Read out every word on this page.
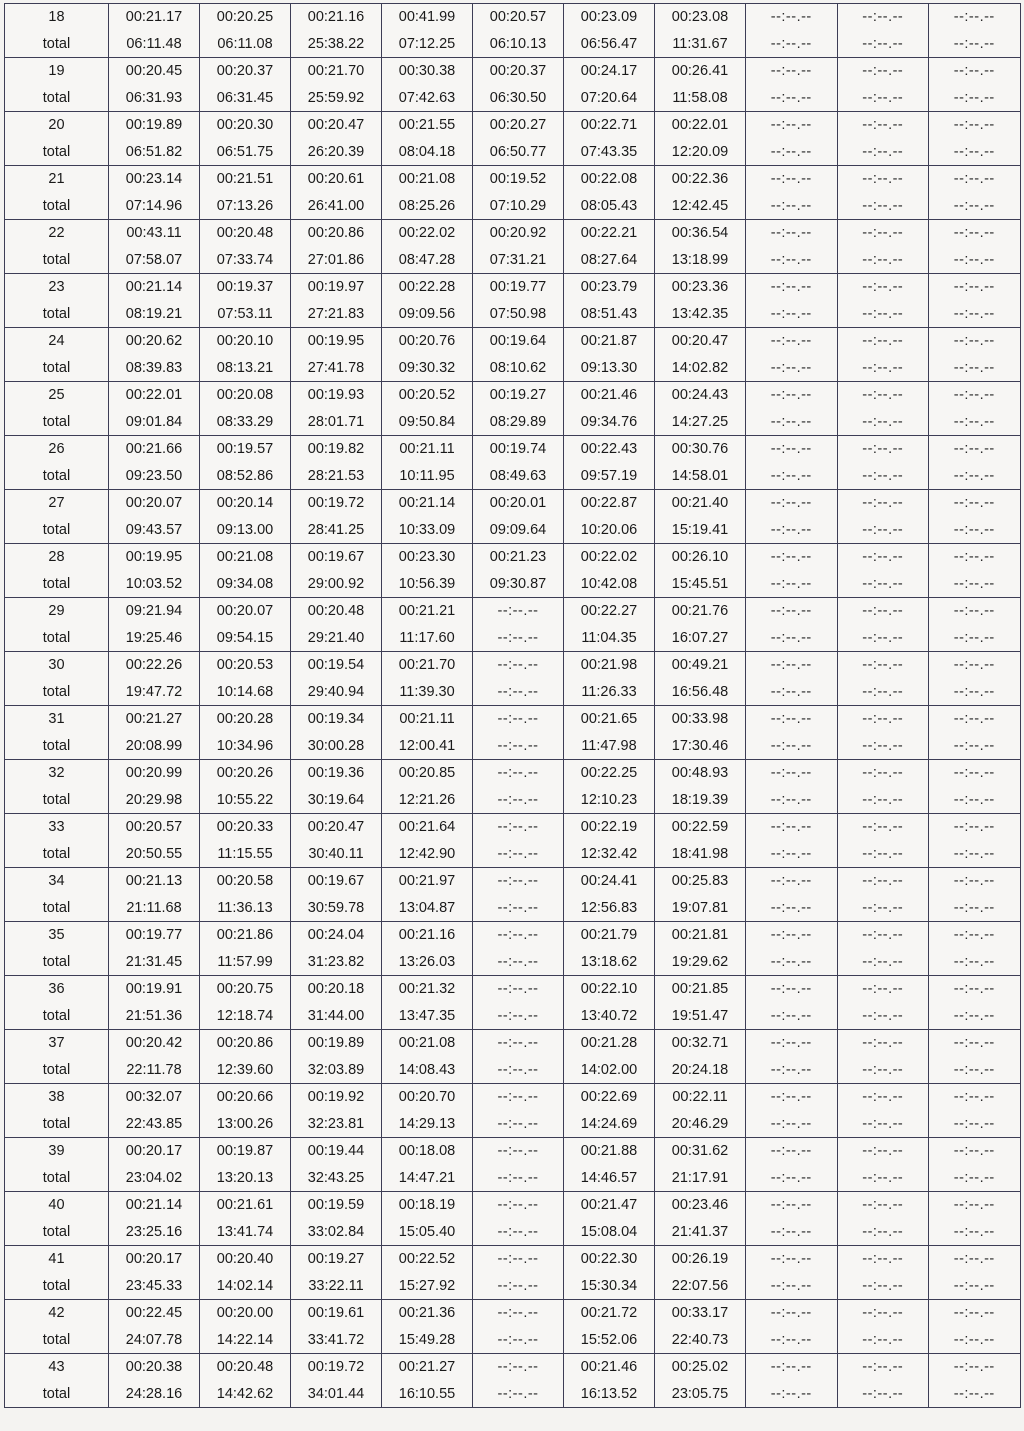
18	00:21.17	00:20.25	00:21.16	00:41.99	00:20.57	00:23.09	00:23.08	--:--.--	--:--.--	--:--.--
total	06:11.48	06:11.08	25:38.22	07:12.25	06:10.13	06:56.47	11:31.67	--:--.--	--:--.--	--:--.--
19	00:20.45	00:20.37	00:21.70	00:30.38	00:20.37	00:24.17	00:26.41	--:--.--	--:--.--	--:--.--
total	06:31.93	06:31.45	25:59.92	07:42.63	06:30.50	07:20.64	11:58.08	--:--.--	--:--.--	--:--.--
20	00:19.89	00:20.30	00:20.47	00:21.55	00:20.27	00:22.71	00:22.01	--:--.--	--:--.--	--:--.--
total	06:51.82	06:51.75	26:20.39	08:04.18	06:50.77	07:43.35	12:20.09	--:--.--	--:--.--	--:--.--
21	00:23.14	00:21.51	00:20.61	00:21.08	00:19.52	00:22.08	00:22.36	--:--.--	--:--.--	--:--.--
total	07:14.96	07:13.26	26:41.00	08:25.26	07:10.29	08:05.43	12:42.45	--:--.--	--:--.--	--:--.--
22	00:43.11	00:20.48	00:20.86	00:22.02	00:20.92	00:22.21	00:36.54	--:--.--	--:--.--	--:--.--
total	07:58.07	07:33.74	27:01.86	08:47.28	07:31.21	08:27.64	13:18.99	--:--.--	--:--.--	--:--.--
23	00:21.14	00:19.37	00:19.97	00:22.28	00:19.77	00:23.79	00:23.36	--:--.--	--:--.--	--:--.--
total	08:19.21	07:53.11	27:21.83	09:09.56	07:50.98	08:51.43	13:42.35	--:--.--	--:--.--	--:--.--
24	00:20.62	00:20.10	00:19.95	00:20.76	00:19.64	00:21.87	00:20.47	--:--.--	--:--.--	--:--.--
total	08:39.83	08:13.21	27:41.78	09:30.32	08:10.62	09:13.30	14:02.82	--:--.--	--:--.--	--:--.--
25	00:22.01	00:20.08	00:19.93	00:20.52	00:19.27	00:21.46	00:24.43	--:--.--	--:--.--	--:--.--
total	09:01.84	08:33.29	28:01.71	09:50.84	08:29.89	09:34.76	14:27.25	--:--.--	--:--.--	--:--.--
26	00:21.66	00:19.57	00:19.82	00:21.11	00:19.74	00:22.43	00:30.76	--:--.--	--:--.--	--:--.--
total	09:23.50	08:52.86	28:21.53	10:11.95	08:49.63	09:57.19	14:58.01	--:--.--	--:--.--	--:--.--
27	00:20.07	00:20.14	00:19.72	00:21.14	00:20.01	00:22.87	00:21.40	--:--.--	--:--.--	--:--.--
total	09:43.57	09:13.00	28:41.25	10:33.09	09:09.64	10:20.06	15:19.41	--:--.--	--:--.--	--:--.--
28	00:19.95	00:21.08	00:19.67	00:23.30	00:21.23	00:22.02	00:26.10	--:--.--	--:--.--	--:--.--
total	10:03.52	09:34.08	29:00.92	10:56.39	09:30.87	10:42.08	15:45.51	--:--.--	--:--.--	--:--.--
29	09:21.94	00:20.07	00:20.48	00:21.21	--:--.--	00:22.27	00:21.76	--:--.--	--:--.--	--:--.--
total	19:25.46	09:54.15	29:21.40	11:17.60	--:--.--	11:04.35	16:07.27	--:--.--	--:--.--	--:--.--
30	00:22.26	00:20.53	00:19.54	00:21.70	--:--.--	00:21.98	00:49.21	--:--.--	--:--.--	--:--.--
total	19:47.72	10:14.68	29:40.94	11:39.30	--:--.--	11:26.33	16:56.48	--:--.--	--:--.--	--:--.--
31	00:21.27	00:20.28	00:19.34	00:21.11	--:--.--	00:21.65	00:33.98	--:--.--	--:--.--	--:--.--
total	20:08.99	10:34.96	30:00.28	12:00.41	--:--.--	11:47.98	17:30.46	--:--.--	--:--.--	--:--.--
32	00:20.99	00:20.26	00:19.36	00:20.85	--:--.--	00:22.25	00:48.93	--:--.--	--:--.--	--:--.--
total	20:29.98	10:55.22	30:19.64	12:21.26	--:--.--	12:10.23	18:19.39	--:--.--	--:--.--	--:--.--
33	00:20.57	00:20.33	00:20.47	00:21.64	--:--.--	00:22.19	00:22.59	--:--.--	--:--.--	--:--.--
total	20:50.55	11:15.55	30:40.11	12:42.90	--:--.--	12:32.42	18:41.98	--:--.--	--:--.--	--:--.--
34	00:21.13	00:20.58	00:19.67	00:21.97	--:--.--	00:24.41	00:25.83	--:--.--	--:--.--	--:--.--
total	21:11.68	11:36.13	30:59.78	13:04.87	--:--.--	12:56.83	19:07.81	--:--.--	--:--.--	--:--.--
35	00:19.77	00:21.86	00:24.04	00:21.16	--:--.--	00:21.79	00:21.81	--:--.--	--:--.--	--:--.--
total	21:31.45	11:57.99	31:23.82	13:26.03	--:--.--	13:18.62	19:29.62	--:--.--	--:--.--	--:--.--
36	00:19.91	00:20.75	00:20.18	00:21.32	--:--.--	00:22.10	00:21.85	--:--.--	--:--.--	--:--.--
total	21:51.36	12:18.74	31:44.00	13:47.35	--:--.--	13:40.72	19:51.47	--:--.--	--:--.--	--:--.--
37	00:20.42	00:20.86	00:19.89	00:21.08	--:--.--	00:21.28	00:32.71	--:--.--	--:--.--	--:--.--
total	22:11.78	12:39.60	32:03.89	14:08.43	--:--.--	14:02.00	20:24.18	--:--.--	--:--.--	--:--.--
38	00:32.07	00:20.66	00:19.92	00:20.70	--:--.--	00:22.69	00:22.11	--:--.--	--:--.--	--:--.--
total	22:43.85	13:00.26	32:23.81	14:29.13	--:--.--	14:24.69	20:46.29	--:--.--	--:--.--	--:--.--
39	00:20.17	00:19.87	00:19.44	00:18.08	--:--.--	00:21.88	00:31.62	--:--.--	--:--.--	--:--.--
total	23:04.02	13:20.13	32:43.25	14:47.21	--:--.--	14:46.57	21:17.91	--:--.--	--:--.--	--:--.--
40	00:21.14	00:21.61	00:19.59	00:18.19	--:--.--	00:21.47	00:23.46	--:--.--	--:--.--	--:--.--
total	23:25.16	13:41.74	33:02.84	15:05.40	--:--.--	15:08.04	21:41.37	--:--.--	--:--.--	--:--.--
41	00:20.17	00:20.40	00:19.27	00:22.52	--:--.--	00:22.30	00:26.19	--:--.--	--:--.--	--:--.--
total	23:45.33	14:02.14	33:22.11	15:27.92	--:--.--	15:30.34	22:07.56	--:--.--	--:--.--	--:--.--
42	00:22.45	00:20.00	00:19.61	00:21.36	--:--.--	00:21.72	00:33.17	--:--.--	--:--.--	--:--.--
total	24:07.78	14:22.14	33:41.72	15:49.28	--:--.--	15:52.06	22:40.73	--:--.--	--:--.--	--:--.--
43	00:20.38	00:20.48	00:19.72	00:21.27	--:--.--	00:21.46	00:25.02	--:--.--	--:--.--	--:--.--
total	24:28.16	14:42.62	34:01.44	16:10.55	--:--.--	16:13.52	23:05.75	--:--.--	--:--.--	--:--.--
